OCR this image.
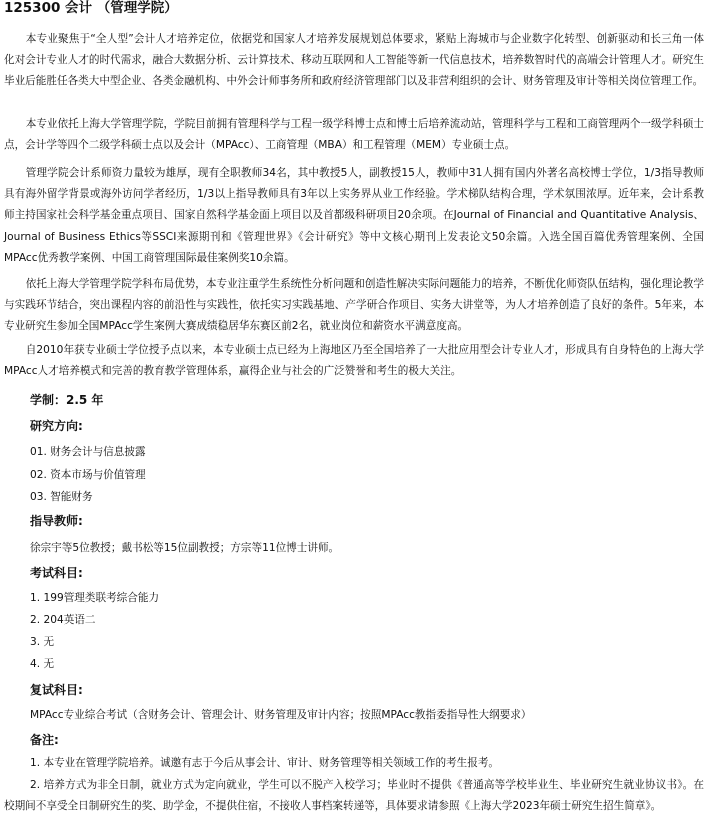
125300 会计 （管理学院）
本专业聚焦于“全人型”会计人才培养定位，依据党和国家人才培养发展规划总体要求，紧贴上海城市与企业数字化转型、创新驱动和长三角一体化对会计专业人才的时代需求，融合大数据分析、云计算技术、移动互联网和人工智能等新一代信息技术，培养数智时代的高端会计管理人才。研究生毕业后能胜任各类大中型企业、各类金融机构、中外会计师事务所和政府经济管理部门以及非营利组织的会计、财务管理及审计等相关岗位管理工作。
本专业依托上海大学管理学院，学院目前拥有管理科学与工程一级学科博士点和博士后培养流动站，管理科学与工程和工商管理两个一级学科硕士点，会计学等四个二级学科硕士点以及会计（MPAcc）、工商管理（MBA）和工程管理（MEM）专业硕士点。
管理学院会计系师资力量较为雄厚，现有全职教师34名，其中教授5人，副教授15人，教师中31人拥有国内外著名高校博士学位，1/3指导教师具有海外留学背景或海外访问学者经历，1/3以上指导教师具有3年以上实务界从业工作经验。学术梯队结构合理，学术氛围浓厚。近年来，会计系教师主持国家社会科学基金重点项目、国家自然科学基金面上项目以及首都级科研项目20余项。在Journal of Financial and Quantitative Analysis、Journal of Business Ethics等SSCI来源期刊和《管理世界》《会计研究》等中文核心期刊上发表论文50余篇。入选全国百篇优秀管理案例、全国MPAcc优秀教学案例、中国工商管理国际最佳案例奖10余篇。
依托上海大学管理学院学科布局优势，本专业注重学生系统性分析问题和创造性解决实际问题能力的培养，不断优化师资队伍结构，强化理论教学与实践环节结合，突出课程内容的前沿性与实践性，依托实习实践基地、产学研合作项目、实务大讲堂等，为人才培养创造了良好的条件。5年来，本专业研究生参加全国MPAcc学生案例大赛成绩稳居华东赛区前2名，就业岗位和薪资水平满意度高。
自2010年获专业硕士学位授予点以来，本专业硕士点已经为上海地区乃至全国培养了一大批应用型会计专业人才，形成具有自身特色的上海大学MPAcc人才培养模式和完善的教育教学管理体系，赢得企业与社会的广泛赞誉和考生的极大关注。
学制：2.5 年
研究方向:
01. 财务会计与信息披露
02. 资本市场与价值管理
03. 智能财务
指导教师:
徐宗宇等5位教授；戴书松等15位副教授；方宗等11位博士讲师。
考试科目:
1. 199管理类联考综合能力
2. 204英语二
3. 无
4. 无
复试科目:
MPAcc专业综合考试（含财务会计、管理会计、财务管理及审计内容；按照MPAcc教指委指导性大纲要求）
备注:
1. 本专业在管理学院培养。诚邀有志于今后从事会计、审计、财务管理等相关领域工作的考生报考。
2. 培养方式为非全日制，就业方式为定向就业，学生可以不脱产入校学习；毕业时不提供《普通高等学校毕业生、毕业研究生就业协议书》。在校期间不享受全日制研究生的奖、助学金，不提供住宿，不接收人事档案转递等，具体要求请参照《上海大学2023年硕士研究生招生简章》。
